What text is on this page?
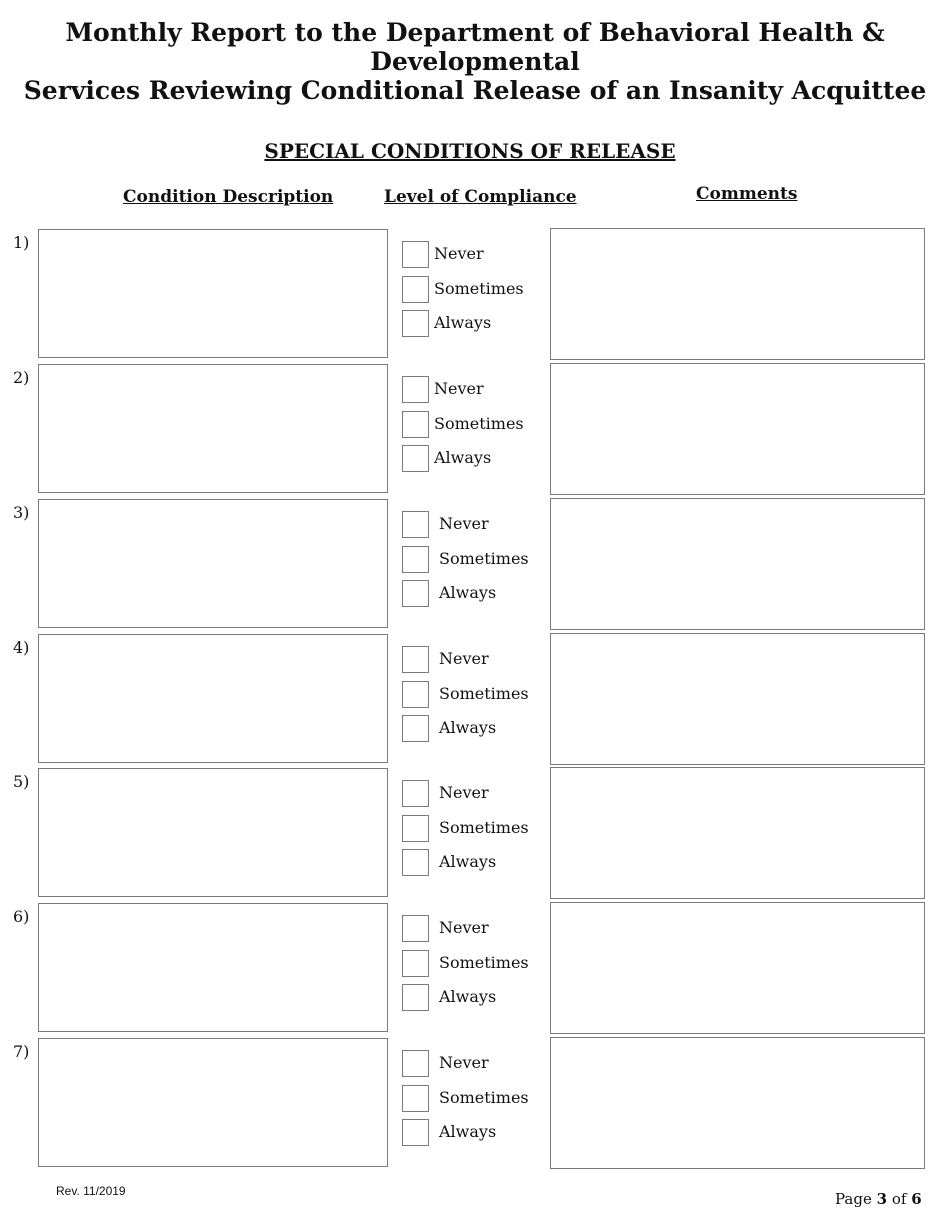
Monthly Report to the Department of Behavioral Health & Developmental
Services Reviewing Conditional Release of an Insanity Acquittee
SPECIAL CONDITIONS OF RELEASE
Condition Description	Level of Compliance	Comments
1)
Never
Sometimes
Always
2)
Never
Sometimes
Always
3)
Never
Sometimes
Always
4)
Never
Sometimes
Always
5)
Never
Sometimes
Always
6)
Never
Sometimes
Always
7)
Never
Sometimes
Always
Rev. 11/2019	Page 3 of 6
